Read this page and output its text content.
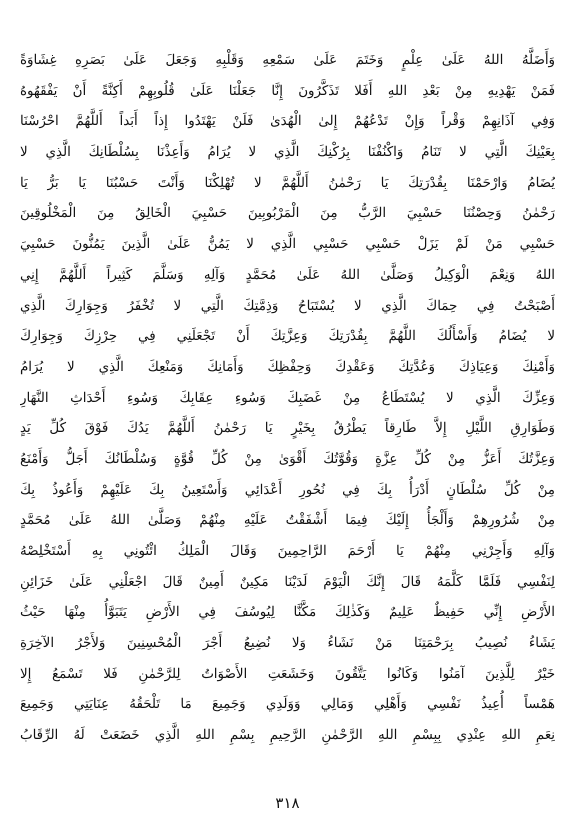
وَأَضَلَّهُ اللهُ عَلَىٰ عِلْمٍ وَخَتَمَ عَلَىٰ سَمْعِهِ وَقَلْبِهِ وَجَعَلَ عَلَىٰ بَصَرِهِ غِشَاوَةً
فَمَنْ يَهْدِيهِ مِنْ بَعْدِ اللهِ أَفَلا تَذَكَّرُونَ إِنَّا جَعَلْنَا عَلَىٰ قُلُوبِهِمْ أَكِنَّةً أَنْ يَفْقَهُوهُ
وَفِي آذَانِهِمْ وَقْراً وَإِنْ تَدْعُهُمْ إِلىٰ الْهُدَىٰ فَلَنْ يَهْتَدُوا إِذاً أَبَداً أَللَّهُمَّ احْرُسْنَا
بِعَيْنِكَ الَّتِي لا تَنَامُ وَاكْنُفْنَا بِرُكْنِكَ الَّذِي لا يُرَامُ وَأَعِذْنَا بِسُلْطَانِكَ الَّذِي لا
يُضَامُ وَارْحَمْنَا بِقُدْرَتِكَ يَا رَحْمٰنُ أَللَّهُمَّ لا تُهْلِكْنَا وَأَنْتَ حَسْبُنَا يَا بَرُّ يَا
رَحْمٰنُ وَحِصْنُنَا حَسْبِيَ الرَّبُّ مِنَ الْمَرْبُوبِينَ حَسْبِيَ الْخَالِقُ مِنَ الْمَخْلُوقِينَ
حَسْبِي مَنْ لَمْ يَزَلْ حَسْبِي حَسْبِي الَّذِي لا يَمُنُّ عَلَىٰ الَّذِينَ يَمُنُّونَ حَسْبِيَ
اللهُ وَنِعْمَ الْوَكِيلُ وَصَلَّىٰ اللهُ عَلَىٰ مُحَمَّدٍ وَآلِهِ وَسَلَّمَ كَثِيراً أَللَّهُمَّ إِنِي
أَصْبَحْتُ فِي حِمَاكَ الَّذِي لا يُسْتَبَاحُ وَذِمَّتِكَ الَّتِي لا تُخْفَرُ وَجِوَارِكَ الَّذِي
لا يُضَامُ وَأَسْأَلُكَ اللَّهُمَّ بِقُدْرَتِكَ وَعِزَّتِكَ أَنْ تَجْعَلَنِي فِي حِرْزِكَ وَجِوَارِكَ
وَأَمْنِكَ وَعِيَاذِكَ وَعُدَّتِكَ وَعَقْدِكَ وَحِفْظِكَ وَأَمَانِكَ وَمَنْعِكَ الَّذِي لا يُرَامُ
وَعِزِّكَ الَّذِي لا يُسْتَطَاعُ مِنْ غَضَبِكَ وَسُوءِ عِقَابِكَ وَسُوءِ أَحْدَاثِ النَّهَارِ
وَطَوَارِقِ اللَّيْلِ إِلاَّ طَارِقاً يَطْرُقُ بِخَيْرٍ يَا رَحْمٰنُ أَللَّهُمَّ يَدُكَ فَوْقَ كُلِّ يَدٍ
وَعِزَّتُكَ أَعَزُّ مِنْ كُلِّ عِزَّةٍ وَقُوَّتُكَ أَقْوَىٰ مِنْ كُلِّ قُوَّةٍ وَسُلْطَانُكَ أَجَلُّ وَأَمْنَعُ
مِنْ كُلِّ سُلْطَانٍ أَدْرَأُ بِكَ فِي نُحُورِ أَعْدَائِي وَأَسْتَعِينُ بِكَ عَلَيْهِمْ وَأَعُوذُ بِكَ
مِنْ شُرُورِهِمْ وَأَلْجَأُ إِلَيْكَ فِيمَا أَشْفَقْتُ عَلَيْهِ مِنْهُمْ وَصَلَّىٰ اللهُ عَلَىٰ مُحَمَّدٍ
وَآلِهِ وَأَجِرْنِي مِنْهُمْ يَا أَرْحَمَ الرَّاحِمِينَ وَقَالَ الْمَلِكُ ائْتُونِي بِهِ أَسْتَخْلِصْهُ
لِنَفْسِي فَلَمَّا كَلَّمَهُ قَالَ إِنَّكَ الْيَوْمَ لَدَيْنَا مَكِينٌ أَمِينٌ قَالَ اجْعَلْنِي عَلَىٰ خَزَائِنِ
الأَرْضِ إِنِّي حَفِيظٌ عَلِيمٌ وَكَذٰلِكَ مَكَّنَّا لِيُوسُفَ فِي الأَرْضِ يَتَبَوَّأُ مِنْهَا حَيْثُ
يَشَاءُ نُصِيبُ بِرَحْمَتِنَا مَنْ نَشَاءُ وَلا نُضِيعُ أَجْرَ الْمُحْسِنِينَ وَلأَجْرُ الآخِرَةِ
خَيْرٌ لِلَّذِينَ آمَنُوا وَكَانُوا يَتَّقُونَ وَخَشَعَتِ الأَصْوَاتُ لِلرَّحْمٰنِ فَلا تَسْمَعُ إِلا
هَمْساً أُعِيذُ نَفْسِي وَأَهْلِي وَمَالِي وَوَلَدِي وَجَمِيعَ مَا تَلْحَقُهُ عِنَايَتِي وَجَمِيعَ
نِعَمِ اللهِ عِنْدِي بِبِسْمِ اللهِ الرَّحْمٰنِ الرَّحِيمِ بِسْمِ اللهِ الَّذِي خَضَعَتْ لَهُ الرِّقَابُ
٣١٨
